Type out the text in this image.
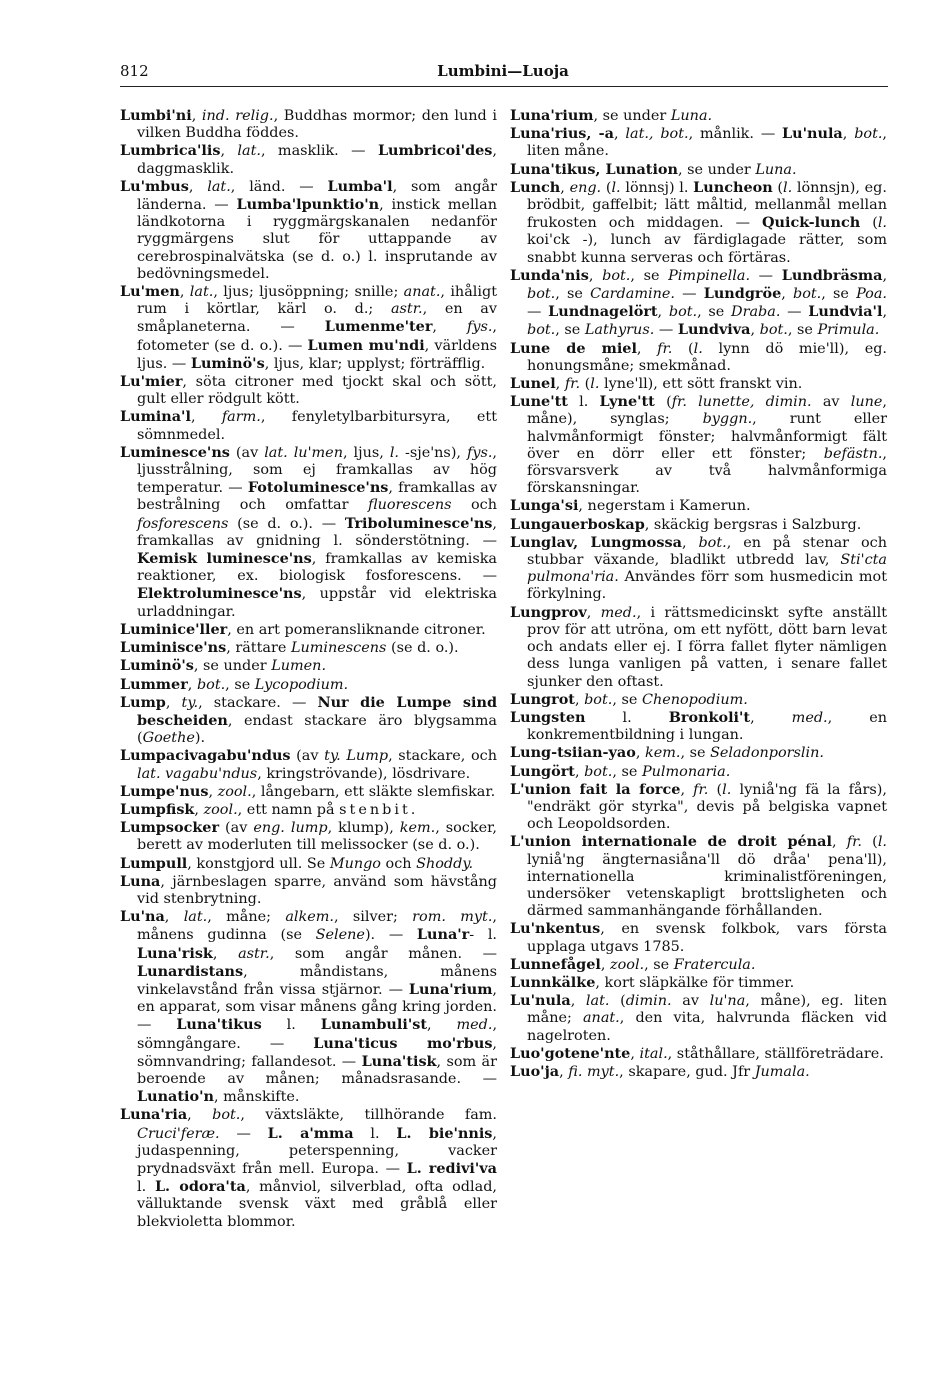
812	Lumbini—Luoja

Lumbi'ni, ind. relig., Buddhas mormor; den lund i vilken Buddha föddes.

Lumbrica'lis, lat., masklik. — Lumbricoi'des, daggmasklik.

Lu'mbus, lat., länd. — Lumba'l, som angår länderna. — Lumba'lpunktio'n, instick mellan ländkotorna i ryggmärgskanalen nedanför ryggmärgens slut för uttappande av cerebrospinalvätska (se d. o.) l. insprutande av bedövningsmedel.

Lu'men, lat., ljus; ljusöppning; snille; anat., ihåligt rum i körtlar, kärl o. d.; astr., en av småplaneterna. — Lumenme'ter, fys., fotometer (se d. o.). — Lumen mu'ndi, världens ljus. — Luminö's, ljus, klar; upplyst; förträfflig.

Lu'mier, söta citroner med tjockt skal och sött, gult eller rödgult kött.

Lumina'l, farm., fenyletylbarbitursyra, ett sömnmedel.

Luminesce'ns (av lat. lu'men, ljus, l. -sje'ns), fys., ljusstrålning, som ej framkallas av hög temperatur. — Fotoluminesce'ns, framkallas av bestrålning och omfattar fluorescens och fosforescens (se d. o.). — Triboluminesce'ns, framkallas av gnidning l. sönderstötning. — Kemisk luminesce'ns, framkallas av kemiska reaktioner, ex. biologisk fosforescens. — Elektroluminesce'ns, uppstår vid elektriska urladdningar.

Luminice'ller, en art pomeransliknande citroner.

Luminisce'ns, rättare Luminescens (se d. o.).

Luminö's, se under Lumen.

Lummer, bot., se Lycopodium.

Lump, ty., stackare. — Nur die Lumpe sind bescheiden, endast stackare äro blygsamma (Goethe).

Lumpacivagabu'ndus (av ty. Lump, stackare, och lat. vagabu'ndus, kringströvande), lösdrivare.

Lumpe'nus, zool., långebarn, ett släkte slemfiskar.

Lumpfisk, zool., ett namn på stenbit.

Lumpsocker (av eng. lump, klump), kem., socker, berett av moderluten till melissocker (se d. o.).

Lumpull, konstgjord ull. Se Mungo och Shoddy.

Luna, järnbeslagen sparre, använd som hävstång vid stenbrytning.

Lu'na, lat., måne; alkem., silver; rom. myt., månens gudinna (se Selene). — Luna'r- l. Luna'risk, astr., som angår månen. — Lunardistans, måndistans, månens vinkelavstånd från vissa stjärnor. — Luna'rium, en apparat, som visar månens gång kring jorden. — Luna'tikus l. Lunambuli'st, med., sömngångare. — Luna'ticus mo'rbus, sömnvandring; fallandesot. — Luna'tisk, som är beroende av månen; månadsrasande. — Lunatio'n, månskifte.

Luna'ria, bot., växtsläkte, tillhörande fam. Cruci'feræ. — L. a'mma l. L. bie'nnis, judaspenning, peterspenning, vacker prydnadsväxt från mell. Europa. — L. redivi'va l. L. odora'ta, månviol, silverblad, ofta odlad, välluktande svensk växt med gråblå eller blekvioletta blommor.

Luna'rium, se under Luna.

Luna'rius, -a, lat., bot., månlik. — Lu'nula, bot., liten måne.

Luna'tikus, Lunation, se under Luna.

Lunch, eng. (l. lönnsj) l. Luncheon (l. lönnsjn), eg. brödbit, gaffelbit; lätt måltid, mellanmål mellan frukosten och middagen. — Quick-lunch (l. koi'ck -), lunch av färdiglagade rätter, som snabbt kunna serveras och förtäras.

Lunda'nis, bot., se Pimpinella. — Lundbräsma, bot., se Cardamine. — Lundgröe, bot., se Poa. — Lundnagelört, bot., se Draba. — Lundvia'l, bot., se Lathyrus. — Lundviva, bot., se Primula.

Lune de miel, fr. (l. lynn dö mie'll), eg. honungsmåne; smekmånad.

Lunel, fr. (l. lyne'll), ett sött franskt vin.

Lune'tt l. Lyne'tt (fr. lunette, dimin. av lune, måne), synglas; byggn., runt eller halvmånformigt fönster; halvmånformigt fält över en dörr eller ett fönster; befästn., försvarsverk av två halvmånformiga förskansningar.

Lunga'si, negerstam i Kamerun.

Lungauerboskap, skäckig bergsras i Salzburg.

Lunglav, Lungmossa, bot., en på stenar och stubbar växande, bladlikt utbredd lav, Sti'cta pulmona'ria. Användes förr som husmedicin mot förkylning.

Lungprov, med., i rättsmedicinskt syfte anställt prov för att utröna, om ett nyfött, dött barn levat och andats eller ej. I förra fallet flyter nämligen dess lunga vanligen på vatten, i senare fallet sjunker den oftast.

Lungrot, bot., se Chenopodium.

Lungsten l. Bronkoli't, med., en konkrementbildning i lungan.

Lung-tsiian-yao, kem., se Seladonporslin.

Lungört, bot., se Pulmonaria.

L'union fait la force, fr. (l. lyniå'ng fä la fårs), "endräkt gör styrka", devis på belgiska vapnet och Leopoldsorden.

L'union internationale de droit pénal, fr. (l. lyniå'ng ängternasiåna'll dö dråa' pena'll), internationella kriminalistföreningen, undersöker vetenskapligt brottsligheten och därmed sammanhängande förhållanden.

Lu'nkentus, en svensk folkbok, vars första upplaga utgavs 1785.

Lunnefågel, zool., se Fratercula.

Lunnkälke, kort släpkälke för timmer.

Lu'nula, lat. (dimin. av lu'na, måne), eg. liten måne; anat., den vita, halvrunda fläcken vid nagelroten.

Luo'gotene'nte, ital., ståthållare, ställföreträdare.

Luo'ja, fi. myt., skapare, gud. Jfr Jumala.
